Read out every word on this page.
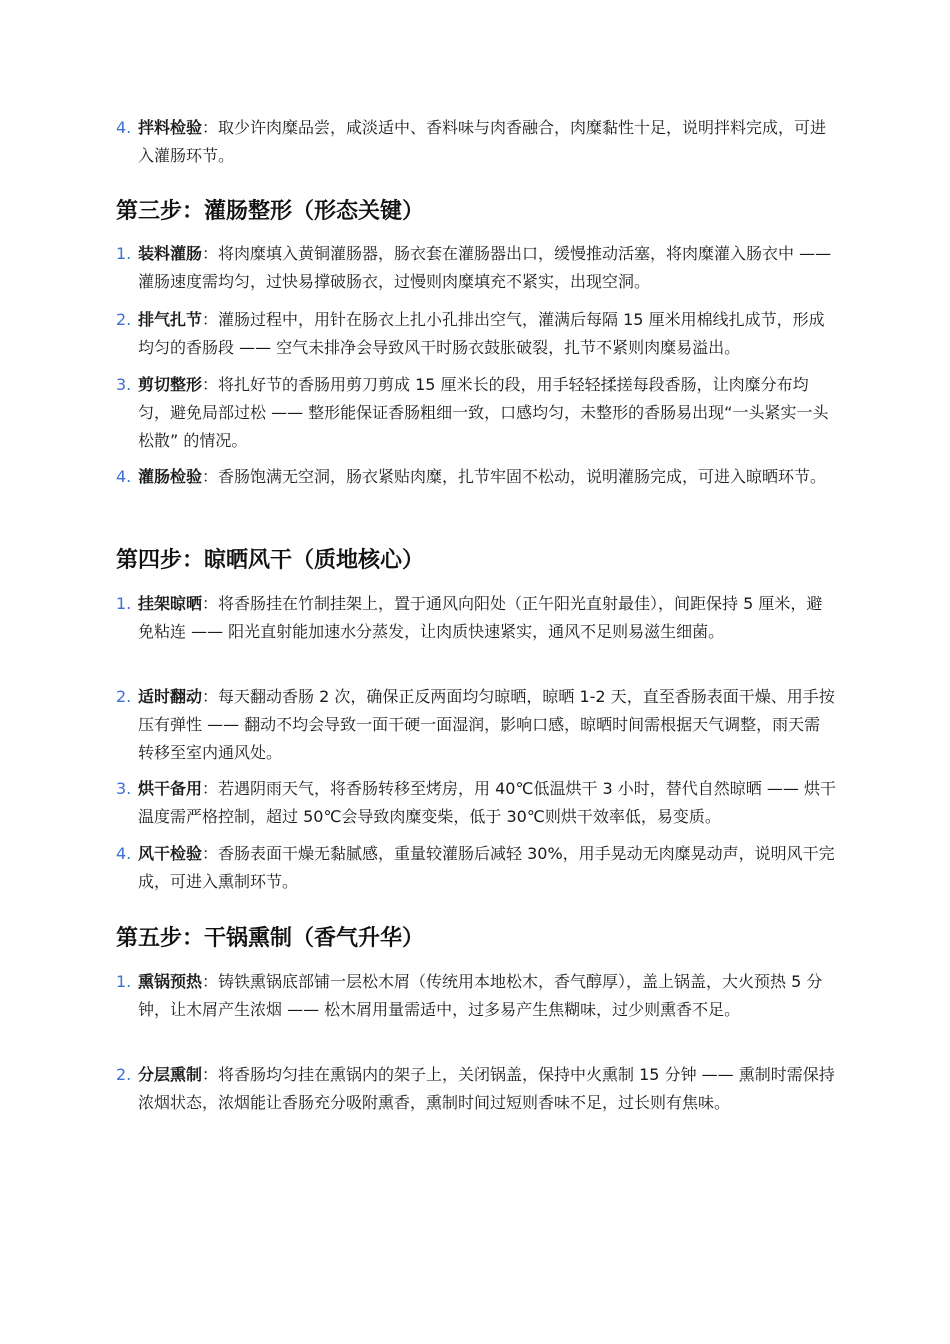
4. 拌料检验：取少许肉糜品尝，咸淡适中、香料味与肉香融合，肉糜黏性十足，说明拌料完成，可进入灌肠环节。
第三步：灌肠整形（形态关键）
1. 装料灌肠：将肉糜填入黄铜灌肠器，肠衣套在灌肠器出口，缓慢推动活塞，将肉糜灌入肠衣中 —— 灌肠速度需均匀，过快易撑破肠衣，过慢则肉糜填充不紧实，出现空洞。
2. 排气扎节：灌肠过程中，用针在肠衣上扎小孔排出空气，灌满后每隔 15 厘米用棉线扎成节，形成均匀的香肠段 —— 空气未排净会导致风干时肠衣鼓胀破裂，扎节不紧则肉糜易溢出。
3. 剪切整形：将扎好节的香肠用剪刀剪成 15 厘米长的段，用手轻轻揉搓每段香肠，让肉糜分布均匀，避免局部过松 —— 整形能保证香肠粗细一致，口感均匀，未整形的香肠易出现“一头紧实一头松散” 的情况。
4. 灌肠检验：香肠饱满无空洞，肠衣紧贴肉糜，扎节牢固不松动，说明灌肠完成，可进入晾晒环节。
第四步：晾晒风干（质地核心）
1. 挂架晾晒：将香肠挂在竹制挂架上，置于通风向阳处（正午阳光直射最佳），间距保持 5 厘米，避免粘连 —— 阳光直射能加速水分蒸发，让肉质快速紧实，通风不足则易滋生细菌。
2. 适时翻动：每天翻动香肠 2 次，确保正反两面均匀晾晒，晾晒 1-2 天，直至香肠表面干燥、用手按压有弹性 —— 翻动不均会导致一面干硬一面湿润，影响口感，晾晒时间需根据天气调整，雨天需转移至室内通风处。
3. 烘干备用：若遇阴雨天气，将香肠转移至烤房，用 40℃低温烘干 3 小时，替代自然晾晒 —— 烘干温度需严格控制，超过 50℃会导致肉糜变柴，低于 30℃则烘干效率低，易变质。
4. 风干检验：香肠表面干燥无黏腻感，重量较灌肠后减轻 30%，用手晃动无肉糜晃动声，说明风干完成，可进入熏制环节。
第五步：干锅熏制（香气升华）
1. 熏锅预热：铸铁熏锅底部铺一层松木屑（传统用本地松木，香气醇厚），盖上锅盖，大火预热 5 分钟，让木屑产生浓烟 —— 松木屑用量需适中，过多易产生焦糊味，过少则熏香不足。
2. 分层熏制：将香肠均匀挂在熏锅内的架子上，关闭锅盖，保持中火熏制 15 分钟 —— 熏制时需保持浓烟状态，浓烟能让香肠充分吸附熏香，熏制时间过短则香味不足，过长则有焦味。
